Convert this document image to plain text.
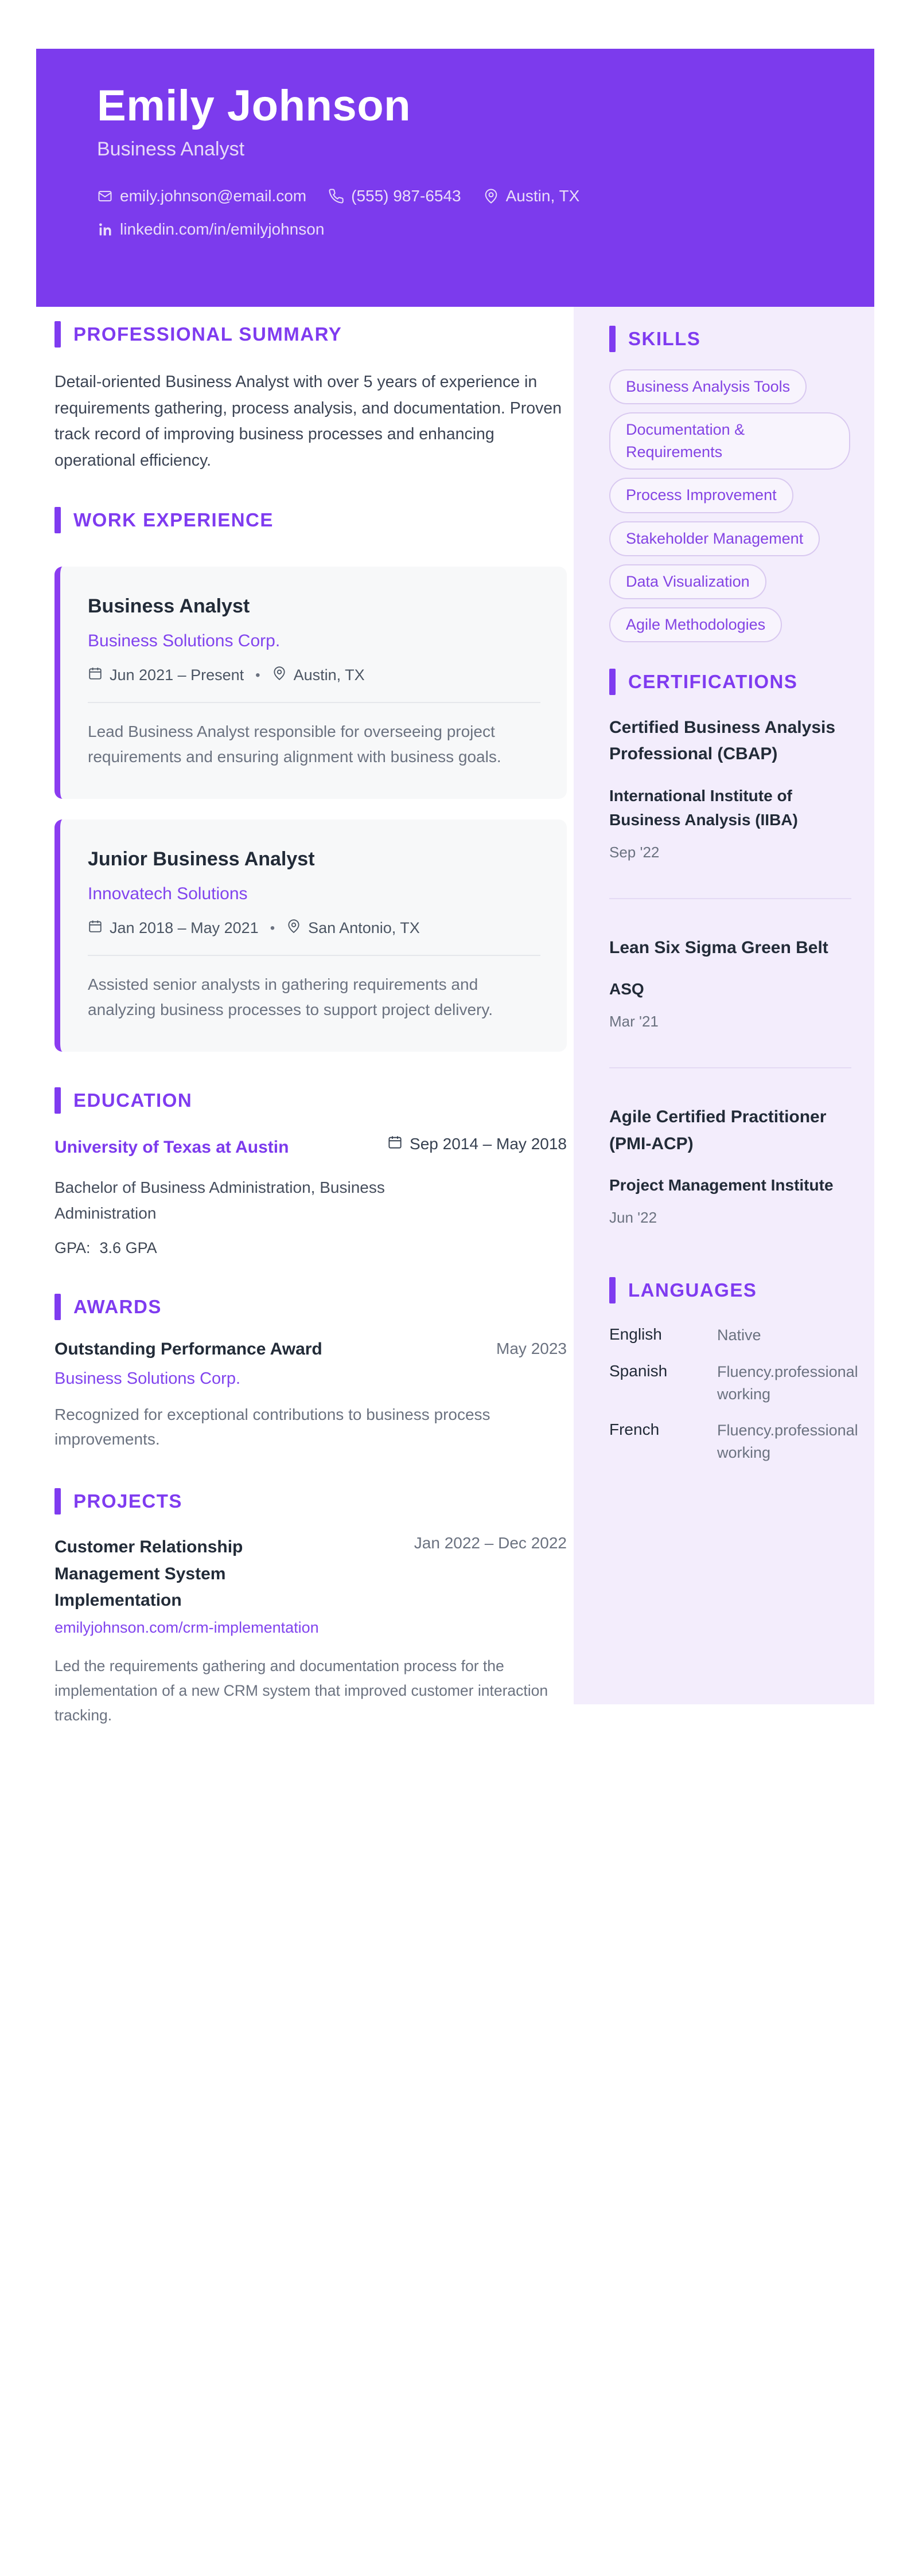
Emily Johnson
Business Analyst
emily.johnson@email.com	(555) 987-6543	Austin, TX
linkedin.com/in/emilyjohnson
PROFESSIONAL SUMMARY
Detail-oriented Business Analyst with over 5 years of experience in requirements gathering, process analysis, and documentation. Proven track record of improving business processes and enhancing operational efficiency.
WORK EXPERIENCE
Business Analyst
Business Solutions Corp.
Jun 2021 – Present • Austin, TX
Lead Business Analyst responsible for overseeing project requirements and ensuring alignment with business goals.
Junior Business Analyst
Innovatech Solutions
Jan 2018 – May 2021 • San Antonio, TX
Assisted senior analysts in gathering requirements and analyzing business processes to support project delivery.
EDUCATION
University of Texas at Austin	Sep 2014 – May 2018
Bachelor of Business Administration, Business Administration
GPA: 3.6 GPA
AWARDS
Outstanding Performance Award	May 2023
Business Solutions Corp.
Recognized for exceptional contributions to business process improvements.
PROJECTS
Customer Relationship Management System Implementation
Jan 2022 – Dec 2022
emilyjohnson.com/crm-implementation
Led the requirements gathering and documentation process for the implementation of a new CRM system that improved customer interaction tracking.
SKILLS
Business Analysis Tools
Documentation & Requirements
Process Improvement
Stakeholder Management
Data Visualization
Agile Methodologies
CERTIFICATIONS
Certified Business Analysis Professional (CBAP)
International Institute of Business Analysis (IIBA)
Sep '22
Lean Six Sigma Green Belt
ASQ
Mar '21
Agile Certified Practitioner (PMI-ACP)
Project Management Institute
Jun '22
LANGUAGES
English	Native
Spanish	Fluency.professional working
French	Fluency.professional working
